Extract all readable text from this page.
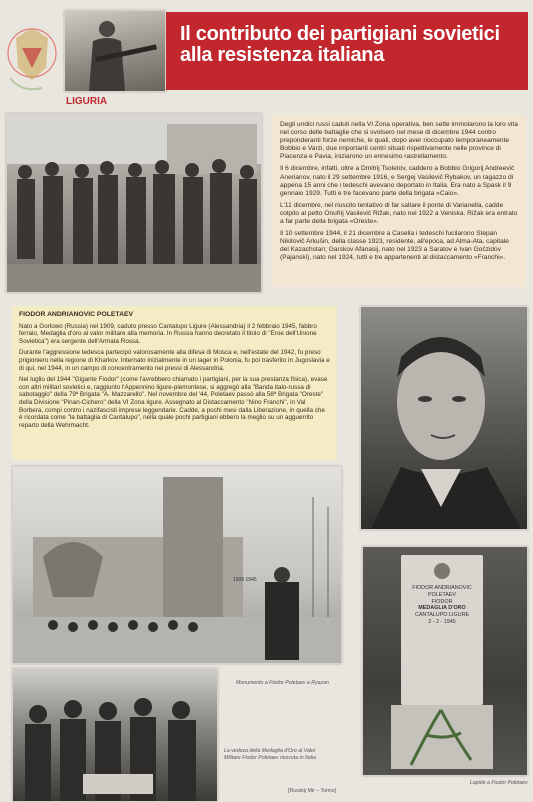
Il contributo dei partigiani sovietici
alla resistenza italiana
LIGURIA

Degli undici russi caduti nella VI Zona operativa, ben sette immolarono la loro vita nel corso delle battaglie che si svolsero nel mese di dicembre 1944 contro preponderanti forze nemiche, le quali, dopo aver rioccupato temporaneamente Bobbio e Varzi, due importanti centri situati rispettivamente nelle province di Piacenza e Pavia, iniziarono un ennesimo rastrellamento.

Il 6 dicembre, infatti, oltre a Dmitrij Tsoletov, caddero a Bobbio Grigorij Andreevič Anerianov, nato il 29 settembre 1916, e Sergej Vasilevič Rybakov, un ragazzo di appena 15 anni che i tedeschi avevano deportato in Italia. Era nato a Spask il 9 gennaio 1929. Tutti e tre facevano parte della brigata «Caio».

L'11 dicembre, nel riuscito tentativo di far saltare il ponte di Varianella, cadde colpito al petto Onufrij Vasilevič Rižak, nato nel 1922 a Veniska. Rižak era entrato a far parte della brigata «Oreste».

Il 10 settembre 1944, il 21 dicembre a Casella i tedeschi fucilarono Stepan Nikitovič Arkušin, della classe 1923, residente, all'epoca, ad Alma-Ata, capitale del Kazachstan; Garskov Afanasij, nato nel 1923 a Saratov e Ivan Gočzidov (Pajanski), nato nel 1924, tutti e tre appartenenti al distaccamento «Franchi».

FIODOR ANDRIANOVIC POLETAEV

Nato a Gorlowo (Russia) nel 1909, caduto presso Cantalupo Ligure (Alessandria) il 2 febbraio 1945, fabbro ferraio, Medaglia d'oro al valor militare alla memoria. In Russia hanno decretato il titolo di "Eroe dell'Unione Sovietica") era sergente dell'Armata Rossa.

Durante l'aggressione tedesca partecipò valorosamente alla difesa di Mosca e, nell'estate del 1942, fu preso prigioniero nella regione di Kharkov. Internato inizialmente in un lager in Polonia, fu poi trasferito in Jugoslavia e di qui, nel 1944, in un campo di concentramento nei pressi di Alessandria.

Nel luglio del 1944 "Gigante Fiodor" (come l'avrebbero chiamato i partigiani, per la sua prestanza fisica), evase con altri militari sovietici e, raggiunto l'Appennino ligure-piemontese, si aggregò alla "Banda italo-russa di sabotaggio" della 79ª Brigata "A. Mazzarello". Nel novembre del '44, Poletaev passò alla 58ª Brigata "Oreste" della Divisione "Pinan-Cichero" della VI Zona ligure. Assegnato al Distaccamento "Nino Franchi", in Val Borbera, compì contro i nazifascisti imprese leggendarie. Cadde, a pochi mesi dalla Liberazione, in quella che è ricordata come "la battaglia di Cantalupo", nella quale pochi partigiani ebbero la meglio su un agguerrito reparto della Wehrmacht.

1909 1945
Monumento a Fiodor Poletaev a Ryazan
FIODOR ANDRIANOVIC
POLETAEV
FIODOR
MEDAGLIA D'ORO
CANTALUPO LIGURE
2 - 2 - 1945
Lapide a Fiodor Poletaev
La vedova della Medaglia d'Oro al Valor
Militare Fiodor Poletaev ricevuta in Italia
[Russkij Mir – Torino]
